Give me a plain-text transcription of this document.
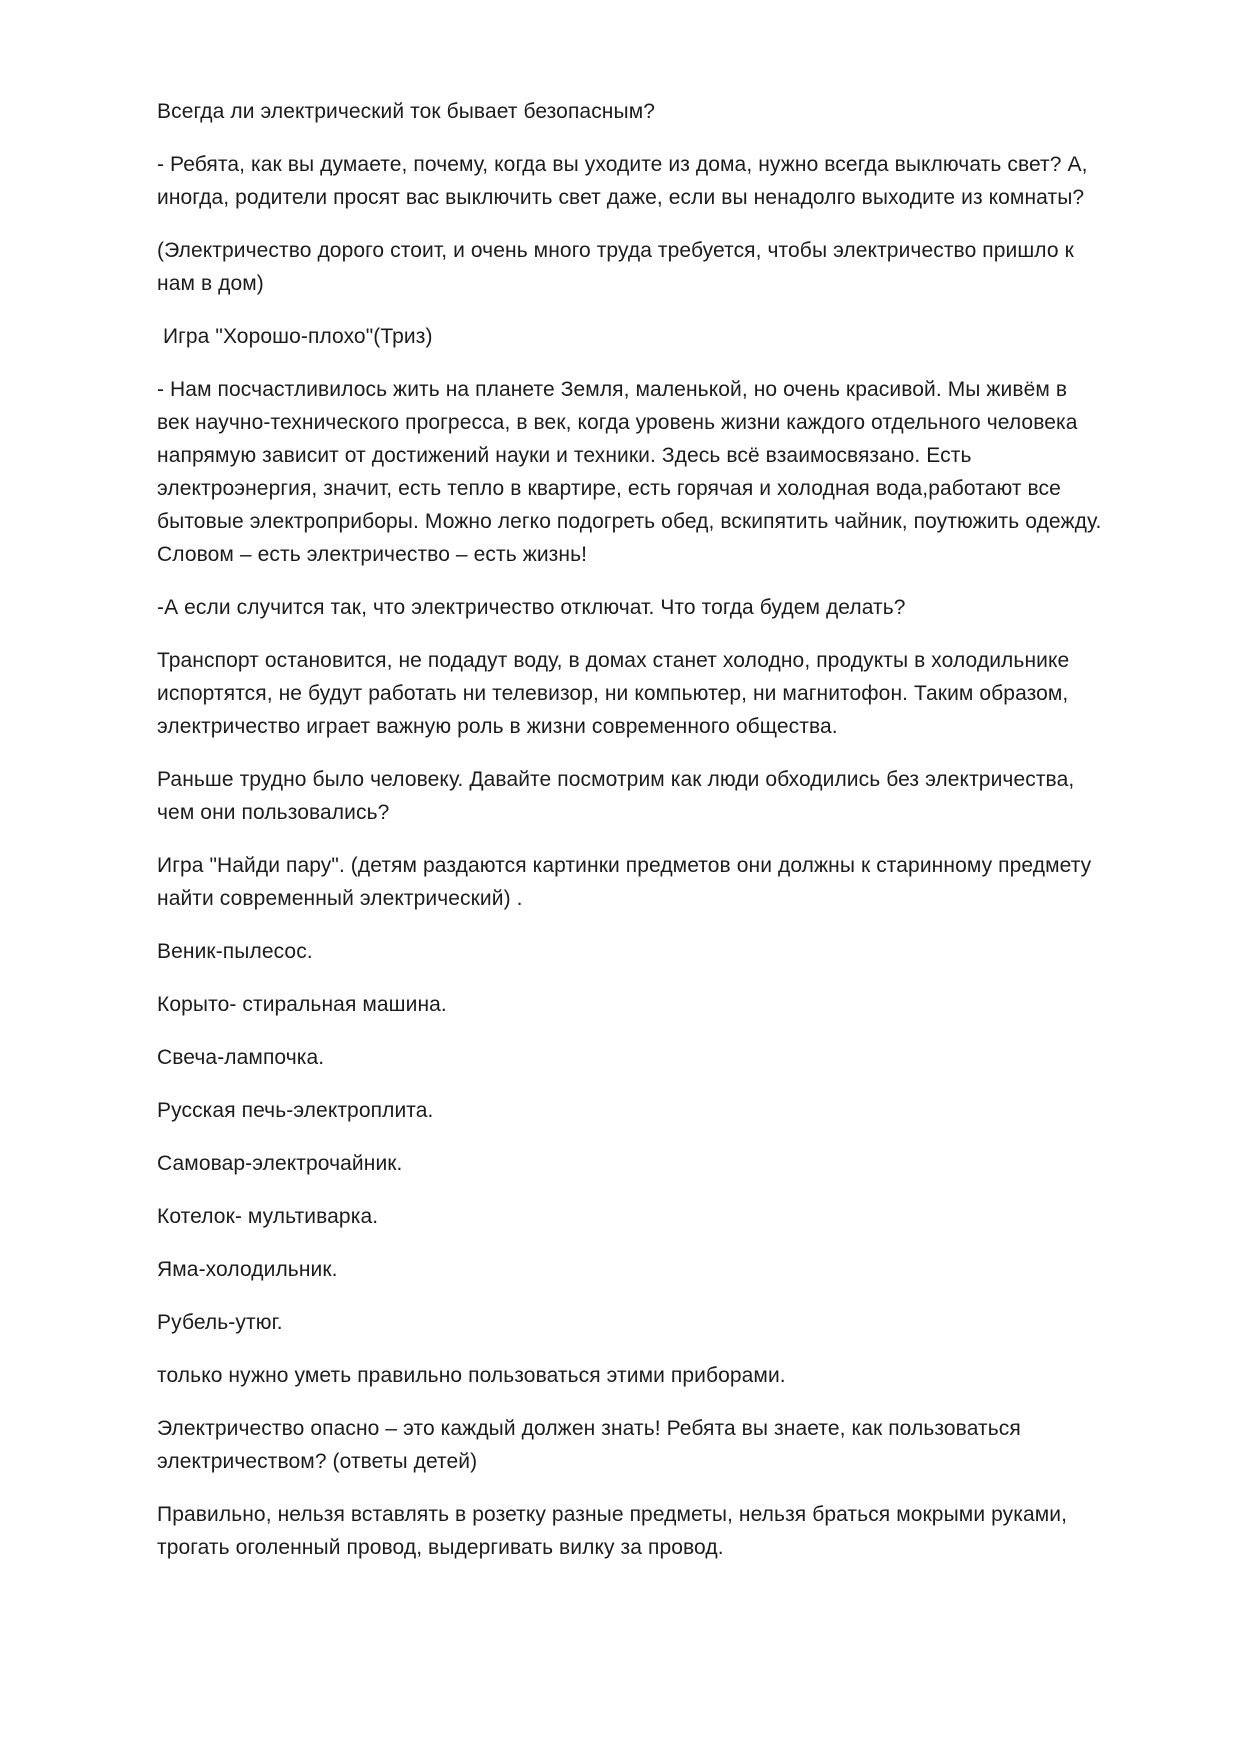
Всегда ли электрический ток бывает безопасным?

- Ребята, как вы думаете, почему, когда вы уходите из дома, нужно всегда выключать свет? А, иногда, родители просят вас выключить свет даже, если вы ненадолго выходите из комнаты?

(Электричество дорого стоит, и очень много труда требуется, чтобы электричество пришло к нам в дом)

Игра "Хорошо-плохо"(Триз)

- Нам посчастливилось жить на планете Земля, маленькой, но очень красивой. Мы живём в век научно-технического прогресса, в век, когда уровень жизни каждого отдельного человека напрямую зависит от достижений науки и техники. Здесь всё взаимосвязано. Есть электроэнергия, значит, есть тепло в квартире, есть горячая и холодная вода,работают все бытовые электроприборы. Можно легко подогреть обед, вскипятить чайник, поутюжить одежду. Словом – есть электричество – есть жизнь!

-А если случится так, что электричество отключат. Что тогда будем делать?

Транспорт остановится, не подадут воду, в домах станет холодно, продукты в холодильнике испортятся, не будут работать ни телевизор, ни компьютер, ни магнитофон. Таким образом, электричество играет важную роль в жизни современного общества.

Раньше трудно было человеку. Давайте посмотрим как люди обходились без электричества, чем они пользовались?

Игра "Найди пару". (детям раздаются картинки предметов они должны к старинному предмету найти современный электрический) .

Веник-пылесос.

Корыто- стиральная машина.

Свеча-лампочка.

Русская печь-электроплита.

Самовар-электрочайник.

Котелок- мультиварка.

Яма-холодильник.

Рубель-утюг.

только нужно уметь правильно пользоваться этими приборами.

Электричество опасно – это каждый должен знать! Ребята вы знаете, как пользоваться электричеством? (ответы детей)

Правильно, нельзя вставлять в розетку разные предметы, нельзя браться мокрыми руками, трогать оголенный провод, выдергивать вилку за провод.
